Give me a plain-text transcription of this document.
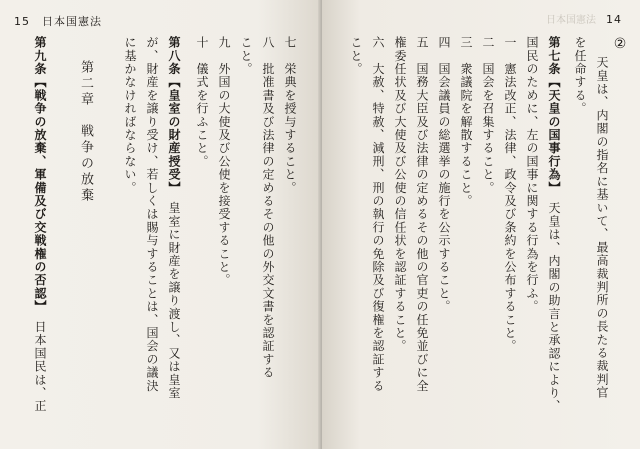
15　日本国憲法
七　栄典を授与すること。
八　批准書及び法律の定めるその他の外交文書を認証する
こと。
九　外国の大使及び公使を接受すること。
十　儀式を行ふこと。
第八条【皇室の財産授受】　皇室に財産を譲り渡し、又は皇室
が、財産を譲り受け、若しくは賜与することは、国会の議決
に基かなければならない。
第二章　戦争の放棄
第九条【戦争の放棄、軍備及び交戦権の否認】　日本国民は、正
日本国憲法 14
②
天皇は、内閣の指名に基いて、最高裁判所の長たる裁判官
を任命する。
第七条【天皇の国事行為】　天皇は、内閣の助言と承認により、
国民のために、左の国事に関する行為を行ふ。
一　憲法改正、法律、政令及び条約を公布すること。
二　国会を召集すること。
三　衆議院を解散すること。
四　国会議員の総選挙の施行を公示すること。
五　国務大臣及び法律の定めるその他の官吏の任免並びに全
権委任状及び大使及び公使の信任状を認証すること。
六　大赦、特赦、減刑、刑の執行の免除及び復権を認証する
こと。
